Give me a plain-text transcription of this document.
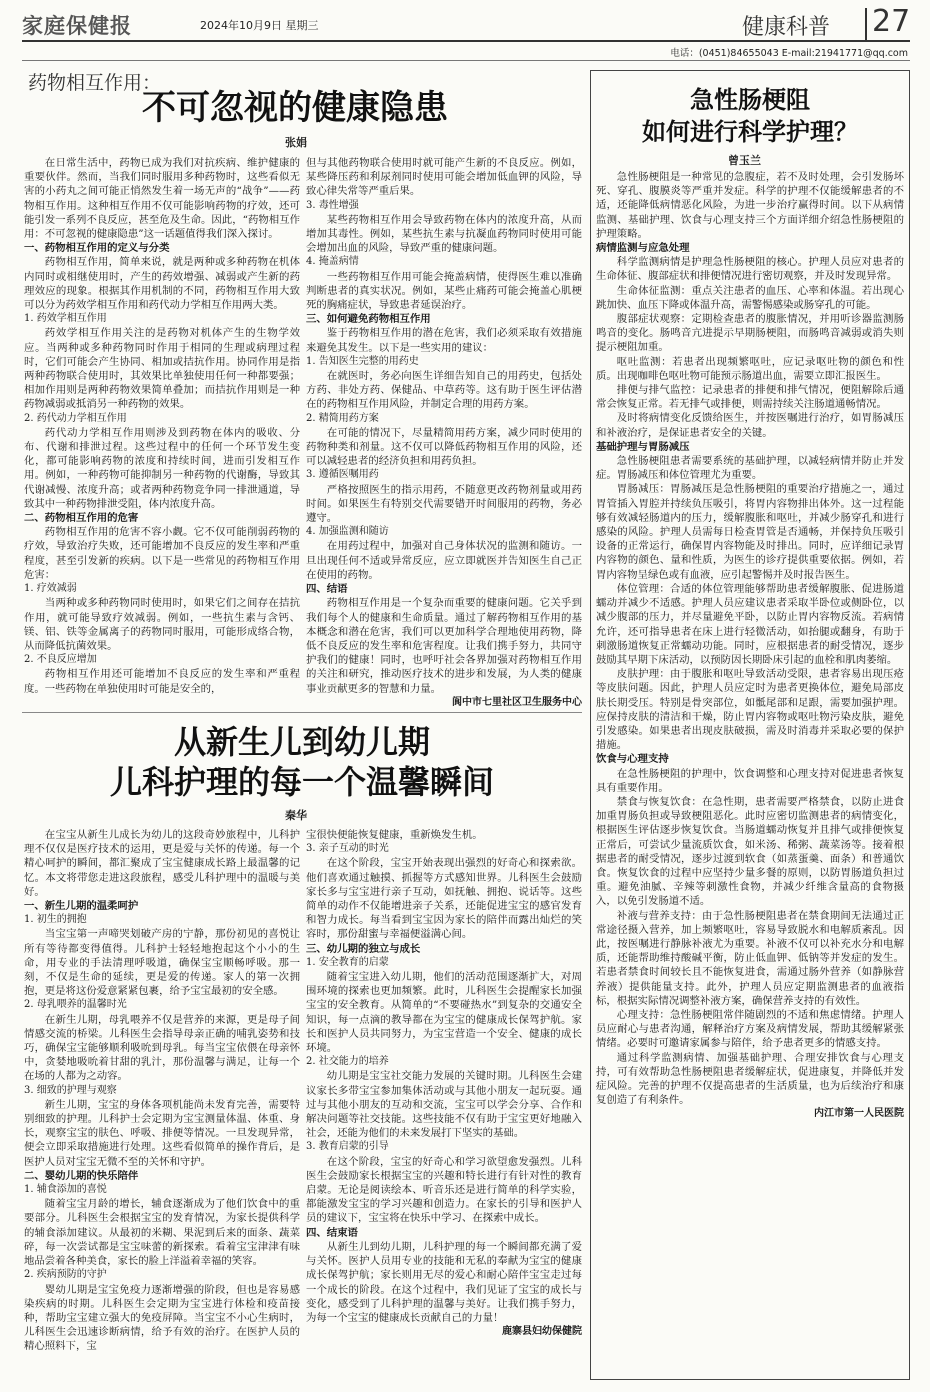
家庭保健报	2024年10月9日 星期三	健康科普 27
电话：(0451)84655043 E-mail:21941771@qq.com
药物相互作用：
不可忽视的健康隐患
张娟

在日常生活中，药物已成为我们对抗疾病、维护健康的重要伙伴。然而，当我们同时服用多种药物时，这些看似无害的小药丸之间可能正悄然发生着一场无声的“战争”——药物相互作用。这种相互作用不仅可能影响药物的疗效，还可能引发一系列不良反应，甚至危及生命。因此，“药物相互作用：不可忽视的健康隐患”这一话题值得我们深入探讨。

一、药物相互作用的定义与分类

药物相互作用，简单来说，就是两种或多种药物在机体内同时或相继使用时，产生的药效增强、减弱或产生新的药理效应的现象。根据其作用机制的不同，药物相互作用大致可以分为药效学相互作用和药代动力学相互作用两大类。

1. 药效学相互作用

药效学相互作用关注的是药物对机体产生的生物学效应。当两种或多种药物同时作用于相同的生理或病理过程时，它们可能会产生协同、相加或拮抗作用。协同作用是指两种药物联合使用时，其效果比单独使用任何一种都要强；相加作用则是两种药物效果简单叠加；而拮抗作用则是一种药物减弱或抵消另一种药物的效果。

2. 药代动力学相互作用

药代动力学相互作用则涉及到药物在体内的吸收、分布、代谢和排泄过程。这些过程中的任何一个环节发生变化，都可能影响药物的浓度和持续时间，进而引发相互作用。例如，一种药物可能抑制另一种药物的代谢酶，导致其代谢减慢、浓度升高；或者两种药物竞争同一排泄通道，导致其中一种药物排泄受阻，体内浓度升高。

二、药物相互作用的危害

药物相互作用的危害不容小觑。它不仅可能削弱药物的疗效，导致治疗失败，还可能增加不良反应的发生率和严重程度，甚至引发新的疾病。以下是一些常见的药物相互作用危害：

1. 疗效减弱

当两种或多种药物同时使用时，如果它们之间存在拮抗作用，就可能导致疗效减弱。例如，一些抗生素与含钙、镁、铝、铁等金属离子的药物同时服用，可能形成络合物，从而降低抗菌效果。

2. 不良反应增加

药物相互作用还可能增加不良反应的发生率和严重程度。一些药物在单独使用时可能是安全的，

但与其他药物联合使用时就可能产生新的不良反应。例如，某些降压药和利尿剂同时使用可能会增加低血钾的风险，导致心律失常等严重后果。

3. 毒性增强

某些药物相互作用会导致药物在体内的浓度升高，从而增加其毒性。例如，某些抗生素与抗凝血药物同时使用可能会增加出血的风险，导致严重的健康问题。

4. 掩盖病情

一些药物相互作用可能会掩盖病情，使得医生难以准确判断患者的真实状况。例如，某些止痛药可能会掩盖心肌梗死的胸痛症状，导致患者延误治疗。

三、如何避免药物相互作用

鉴于药物相互作用的潜在危害，我们必须采取有效措施来避免其发生。以下是一些实用的建议：

1. 告知医生完整的用药史

在就医时，务必向医生详细告知自己的用药史，包括处方药、非处方药、保健品、中草药等。这有助于医生评估潜在的药物相互作用风险，并制定合理的用药方案。

2. 精简用药方案

在可能的情况下，尽量精简用药方案，减少同时使用的药物种类和剂量。这不仅可以降低药物相互作用的风险，还可以减轻患者的经济负担和用药负担。

3. 遵循医嘱用药

严格按照医生的指示用药，不随意更改药物剂量或用药时间。如果医生有特别交代需要错开时间服用的药物，务必遵守。

4. 加强监测和随访

在用药过程中，加强对自己身体状况的监测和随访。一旦出现任何不适或异常反应，应立即就医并告知医生自己正在使用的药物。

四、结语

药物相互作用是一个复杂而重要的健康问题。它关乎到我们每个人的健康和生命质量。通过了解药物相互作用的基本概念和潜在危害，我们可以更加科学合理地使用药物，降低不良反应的发生率和危害程度。让我们携手努力，共同守护我们的健康！同时，也呼吁社会各界加强对药物相互作用的关注和研究，推动医疗技术的进步和发展，为人类的健康事业贡献更多的智慧和力量。

阆中市七里社区卫生服务中心

从新生儿到幼儿期
儿科护理的每一个温馨瞬间
秦华

在宝宝从新生儿成长为幼儿的这段奇妙旅程中，儿科护理不仅仅是医疗技术的运用，更是爱与关怀的传递。每一个精心呵护的瞬间，都汇聚成了宝宝健康成长路上最温馨的记忆。本文将带您走进这段旅程，感受儿科护理中的温暖与美好。

一、新生儿期的温柔呵护

1. 初生的拥抱

当宝宝第一声啼哭划破产房的宁静，那份初见的喜悦让所有等待都变得值得。儿科护士轻轻地抱起这个小小的生命，用专业的手法清理呼吸道，确保宝宝顺畅呼吸。那一刻，不仅是生命的延续，更是爱的传递。家人的第一次拥抱，更是将这份爱意紧紧包裹，给予宝宝最初的安全感。

2. 母乳喂养的温馨时光

在新生儿期，母乳喂养不仅是营养的来源，更是母子间情感交流的桥梁。儿科医生会指导母亲正确的哺乳姿势和技巧，确保宝宝能够顺利吸吮到母乳。每当宝宝依偎在母亲怀中，贪婪地吸吮着甘甜的乳汁，那份温馨与满足，让每一个在场的人都为之动容。

3. 细致的护理与观察

新生儿期，宝宝的身体各项机能尚未发育完善，需要特别细致的护理。儿科护士会定期为宝宝测量体温、体重、身长，观察宝宝的肤色、呼吸、排便等情况。一旦发现异常，便会立即采取措施进行处理。这些看似简单的操作背后，是医护人员对宝宝无微不至的关怀和守护。

二、婴幼儿期的快乐陪伴

1. 辅食添加的喜悦

随着宝宝月龄的增长，辅食逐渐成为了他们饮食中的重要部分。儿科医生会根据宝宝的发育情况，为家长提供科学的辅食添加建议。从最初的米糊、果泥到后来的面条、蔬菜碎，每一次尝试都是宝宝味蕾的新探索。看着宝宝津津有味地品尝着各种美食，家长的脸上洋溢着幸福的笑容。

2. 疾病预防的守护

婴幼儿期是宝宝免疫力逐渐增强的阶段，但也是容易感染疾病的时期。儿科医生会定期为宝宝进行体检和疫苗接种，帮助宝宝建立强大的免疫屏障。当宝宝不小心生病时，儿科医生会迅速诊断病情，给予有效的治疗。在医护人员的精心照料下，宝

宝很快便能恢复健康，重新焕发生机。

3. 亲子互动的时光

在这个阶段，宝宝开始表现出强烈的好奇心和探索欲。他们喜欢通过触摸、抓握等方式感知世界。儿科医生会鼓励家长多与宝宝进行亲子互动，如抚触、拥抱、说话等。这些简单的动作不仅能增进亲子关系，还能促进宝宝的感官发育和智力成长。每当看到宝宝因为家长的陪伴而露出灿烂的笑容时，那份甜蜜与幸福便溢满心间。

三、幼儿期的独立与成长

1. 安全教育的启蒙

随着宝宝进入幼儿期，他们的活动范围逐渐扩大，对周围环境的探索也更加频繁。此时，儿科医生会提醒家长加强宝宝的安全教育。从简单的“不要碰热水”到复杂的交通安全知识，每一点滴的教导都在为宝宝的健康成长保驾护航。家长和医护人员共同努力，为宝宝营造一个安全、健康的成长环境。

2. 社交能力的培养

幼儿期是宝宝社交能力发展的关键时期。儿科医生会建议家长多带宝宝参加集体活动或与其他小朋友一起玩耍。通过与其他小朋友的互动和交流，宝宝可以学会分享、合作和解决问题等社交技能。这些技能不仅有助于宝宝更好地融入社会，还能为他们的未来发展打下坚实的基础。

3. 教育启蒙的引导

在这个阶段，宝宝的好奇心和学习欲望愈发强烈。儿科医生会鼓励家长根据宝宝的兴趣和特长进行有针对性的教育启蒙。无论是阅读绘本、听音乐还是进行简单的科学实验，都能激发宝宝的学习兴趣和创造力。在家长的引导和医护人员的建议下，宝宝将在快乐中学习、在探索中成长。

四、结束语

从新生儿到幼儿期，儿科护理的每一个瞬间都充满了爱与关怀。医护人员用专业的技能和无私的奉献为宝宝的健康成长保驾护航；家长则用无尽的爱心和耐心陪伴宝宝走过每一个成长的阶段。在这个过程中，我们见证了宝宝的成长与变化，感受到了儿科护理的温馨与美好。让我们携手努力，为每一个宝宝的健康成长贡献自己的力量！

鹿寨县妇幼保健院

急性肠梗阻
如何进行科学护理？
曾玉兰

急性肠梗阻是一种常见的急腹症，若不及时处理，会引发肠坏死、穿孔、腹膜炎等严重并发症。科学的护理不仅能缓解患者的不适，还能降低病情恶化风险，为进一步治疗赢得时间。以下从病情监测、基础护理、饮食与心理支持三个方面详细介绍急性肠梗阻的护理策略。

病情监测与应急处理

科学监测病情是护理急性肠梗阻的核心。护理人员应对患者的生命体征、腹部症状和排便情况进行密切观察，并及时发现异常。

生命体征监测：重点关注患者的血压、心率和体温。若出现心跳加快、血压下降或体温升高，需警惕感染或肠穿孔的可能。

腹部症状观察：定期检查患者的腹胀情况，并用听诊器监测肠鸣音的变化。肠鸣音亢进提示早期肠梗阻，而肠鸣音减弱或消失则提示梗阻加重。

呕吐监测：若患者出现频繁呕吐，应记录呕吐物的颜色和性质。出现咖啡色呕吐物可能预示肠道出血，需要立即汇报医生。

排便与排气监控：记录患者的排便和排气情况，便阻解除后通常会恢复正常。若无排气或排便，则需持续关注肠道通畅情况。

及时将病情变化反馈给医生，并按医嘱进行治疗，如胃肠减压和补液治疗，是保证患者安全的关键。

基础护理与胃肠减压

急性肠梗阻患者需要系统的基础护理，以减轻病情并防止并发症。胃肠减压和体位管理尤为重要。

胃肠减压：胃肠减压是急性肠梗阻的重要治疗措施之一，通过胃管插入胃腔并持续负压吸引，将胃内容物排出体外。这一过程能够有效减轻肠道内的压力，缓解腹胀和呕吐，并减少肠穿孔和进行感染的风险。护理人员需每日检查胃管是否通畅，并保持负压吸引设备的正常运行，确保胃内容物能及时排出。同时，应详细记录胃内容物的颜色、量和性质，为医生的诊疗提供重要依据。例如，若胃内容物呈绿色或有血液，应引起警惕并及时报告医生。

体位管理：合适的体位管理能够帮助患者缓解腹胀、促进肠道蠕动并减少不适感。护理人员应建议患者采取半卧位或侧卧位，以减少腹部的压力，并尽量避免平卧，以防止胃内容物反流。若病情允许，还可指导患者在床上进行轻微活动，如抬腿或翻身，有助于刺激肠道恢复正常蠕动功能。同时，应根据患者的耐受情况，逐步鼓励其早期下床活动，以预防因长期卧床引起的血栓和肌肉萎缩。

皮肤护理：由于腹胀和呕吐导致活动受限，患者容易出现压疮等皮肤问题。因此，护理人员应定时为患者更换体位，避免局部皮肤长期受压。特别是骨突部位，如骶尾部和足跟，需要加强护理。应保持皮肤的清洁和干燥，防止胃内容物或呕吐物污染皮肤，避免引发感染。如果患者出现皮肤破损，需及时消毒并采取必要的保护措施。

饮食与心理支持

在急性肠梗阻的护理中，饮食调整和心理支持对促进患者恢复具有重要作用。

禁食与恢复饮食：在急性期，患者需要严格禁食，以防止进食加重胃肠负担或导致梗阻恶化。此时应密切监测患者的病情变化，根据医生评估逐步恢复饮食。当肠道蠕动恢复并且排气或排便恢复正常后，可尝试少量流质饮食，如米汤、稀粥、蔬菜汤等。接着根据患者的耐受情况，逐步过渡到软食（如蒸蛋羹、面条）和普通饮食。恢复饮食的过程中应坚持少量多餐的原则，以防胃肠道负担过重。避免油腻、辛辣等刺激性食物，并减少纤维含量高的食物摄入，以免引发肠道不适。

补液与营养支持：由于急性肠梗阻患者在禁食期间无法通过正常途径摄入营养，加上频繁呕吐，容易导致脱水和电解质紊乱。因此，按医嘱进行静脉补液尤为重要。补液不仅可以补充水分和电解质，还能帮助维持酸碱平衡，防止低血钾、低钠等并发症的发生。若患者禁食时间较长且不能恢复进食，需通过肠外营养（如静脉营养液）提供能量支持。此外，护理人员应定期监测患者的血液指标，根据实际情况调整补液方案，确保营养支持的有效性。

心理支持：急性肠梗阻常伴随剧烈的不适和焦虑情绪。护理人员应耐心与患者沟通，解释治疗方案及病情发展，帮助其缓解紧张情绪。必要时可邀请家属参与陪伴，给予患者更多的情感支持。

通过科学监测病情、加强基础护理、合理安排饮食与心理支持，可有效帮助急性肠梗阻患者缓解症状，促进康复，并降低并发症风险。完善的护理不仅提高患者的生活质量，也为后续治疗和康复创造了有利条件。

内江市第一人民医院
